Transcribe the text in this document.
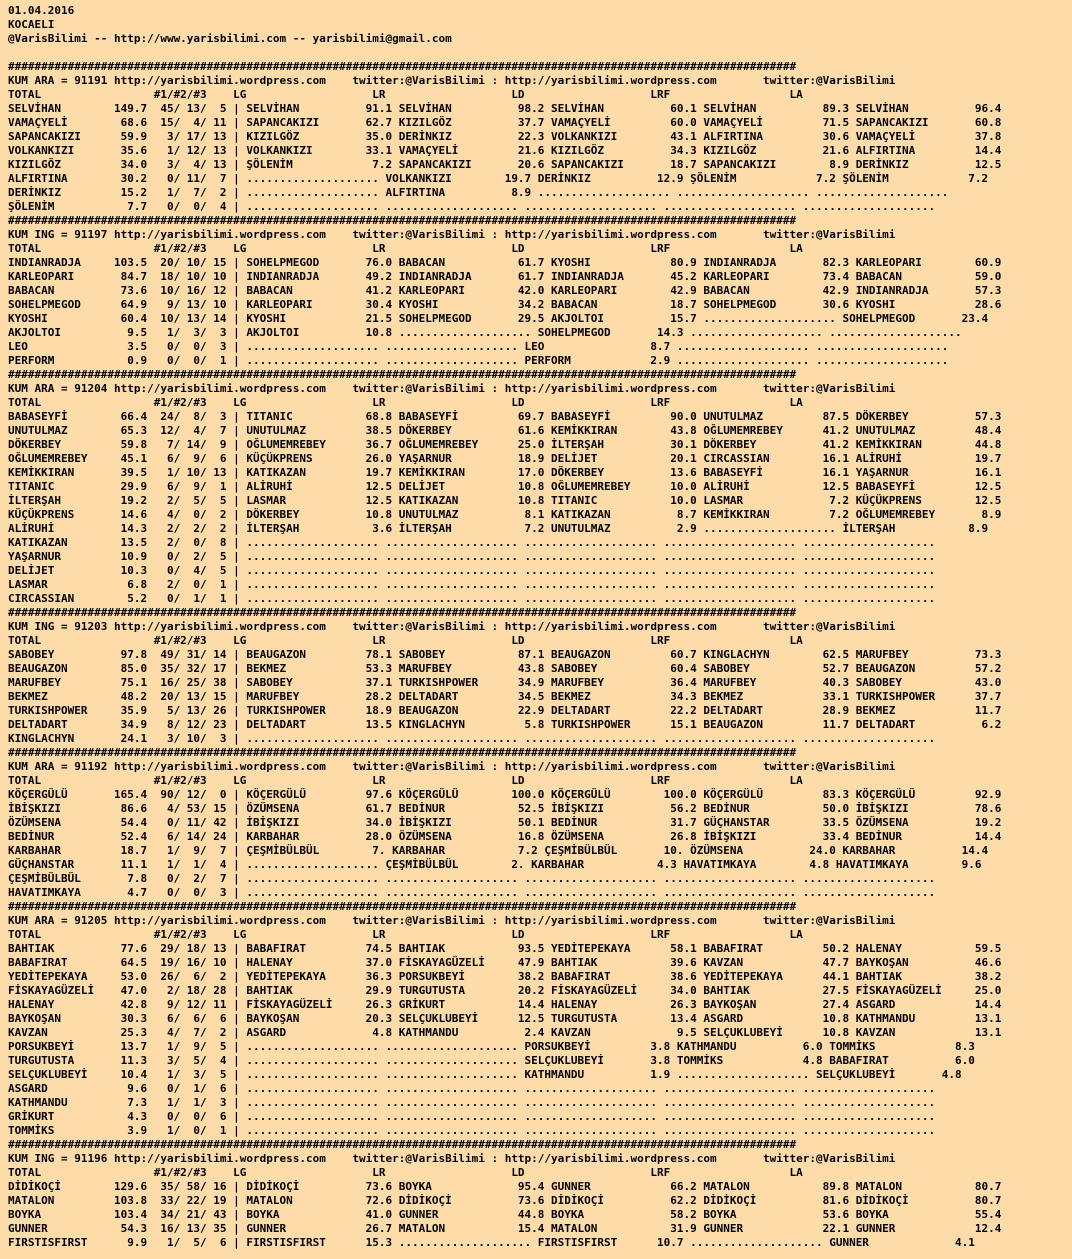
01.04.2016
KOCAELI
@VarisBilimi -- http://www.yarisbilimi.com -- yarisbilimi@gmail.com

#######################################################################################################################
KUM ARA = 91191 http://yarisbilimi.wordpress.com    twitter:@VarisBilimi : http://yarisbilimi.wordpress.com       twitter:@VarisBilimi
TOTAL                 #1/#2/#3    LG                   LR                   LD                   LRF                  LA
SELVİHAN        149.7  45/ 13/  5 | SELVİHAN          91.1 SELVİHAN          98.2 SELVİHAN          60.1 SELVİHAN          89.3 SELVİHAN          96.4
VAMAÇYELİ        68.6  15/  4/ 11 | SAPANCAKIZI       62.7 KIZILGÖZ          37.7 VAMAÇYELİ         60.0 VAMAÇYELİ         71.5 SAPANCAKIZI       60.8
SAPANCAKIZI      59.9   3/ 17/ 13 | KIZILGÖZ          35.0 DERİNKIZ          22.3 VOLKANKIZI        43.1 ALFIRTINA         30.6 VAMAÇYELİ         37.8
VOLKANKIZI       35.6   1/ 12/ 13 | VOLKANKIZI        33.1 VAMAÇYELİ         21.6 KIZILGÖZ          34.3 KIZILGÖZ          21.6 ALFIRTINA         14.4
KIZILGÖZ         34.0   3/  4/ 13 | ŞÖLENİM            7.2 SAPANCAKIZI       20.6 SAPANCAKIZI       18.7 SAPANCAKIZI        8.9 DERİNKIZ          12.5
ALFIRTINA        30.2   0/ 11/  7 | .................... VOLKANKIZI        19.7 DERİNKIZ          12.9 ŞÖLENİM            7.2 ŞÖLENİM            7.2
DERİNKIZ         15.2   1/  7/  2 | .................... ALFIRTINA          8.9 .................... .................... ....................
ŞÖLENİM           7.7   0/  0/  4 | .................... .................... .................... .................... ....................
#######################################################################################################################
KUM ING = 91197 http://yarisbilimi.wordpress.com    twitter:@VarisBilimi : http://yarisbilimi.wordpress.com       twitter:@VarisBilimi
TOTAL                 #1/#2/#3    LG                   LR                   LD                   LRF                  LA
INDIANRADJA     103.5  20/ 10/ 15 | SOHELPMEGOD       76.0 BABACAN           61.7 KYOSHI            80.9 INDIANRADJA       82.3 KARLEOPARI        60.9
KARLEOPARI       84.7  18/ 10/ 10 | INDIANRADJA       49.2 INDIANRADJA       61.7 INDIANRADJA       45.2 KARLEOPARI        73.4 BABACAN           59.0
BABACAN          73.6  10/ 16/ 12 | BABACAN           41.2 KARLEOPARI        42.0 KARLEOPARI        42.9 BABACAN           42.9 INDIANRADJA       57.3
SOHELPMEGOD      64.9   9/ 13/ 10 | KARLEOPARI        30.4 KYOSHI            34.2 BABACAN           18.7 SOHELPMEGOD       30.6 KYOSHI            28.6
KYOSHI           60.4  10/ 13/ 14 | KYOSHI            21.5 SOHELPMEGOD       29.5 AKJOLTOI          15.7 .................... SOHELPMEGOD       23.4
AKJOLTOI          9.5   1/  3/  3 | AKJOLTOI          10.8 .................... SOHELPMEGOD       14.3 .................... ....................
LEO               3.5   0/  0/  3 | .................... .................... LEO                8.7 .................... ....................
PERFORM           0.9   0/  0/  1 | .................... .................... PERFORM            2.9 .................... ....................
#######################################################################################################################
KUM ARA = 91204 http://yarisbilimi.wordpress.com    twitter:@VarisBilimi : http://yarisbilimi.wordpress.com       twitter:@VarisBilimi
TOTAL                 #1/#2/#3    LG                   LR                   LD                   LRF                  LA
BABASEYFİ        66.4  24/  8/  3 | TITANIC           68.8 BABASEYFİ         69.7 BABASEYFİ         90.0 UNUTULMAZ         87.5 DÖKERBEY          57.3
UNUTULMAZ        65.3  12/  4/  7 | UNUTULMAZ         38.5 DÖKERBEY          61.6 KEMİKKIRAN        43.8 OĞLUMEMREBEY      41.2 UNUTULMAZ         48.4
DÖKERBEY         59.8   7/ 14/  9 | OĞLUMEMREBEY      36.7 OĞLUMEMREBEY      25.0 İLTERŞAH          30.1 DÖKERBEY          41.2 KEMİKKIRAN        44.8
OĞLUMEMREBEY     45.1   6/  9/  6 | KÜÇÜKPRENS        26.0 YAŞARNUR          18.9 DELİJET           20.1 CIRCASSIAN        16.1 ALİRUHİ           19.7
KEMİKKIRAN       39.5   1/ 10/ 13 | KATIKAZAN         19.7 KEMİKKIRAN        17.0 DÖKERBEY          13.6 BABASEYFİ         16.1 YAŞARNUR          16.1
TITANIC          29.9   6/  9/  1 | ALİRUHİ           12.5 DELİJET           10.8 OĞLUMEMREBEY      10.0 ALİRUHİ           12.5 BABASEYFİ         12.5
İLTERŞAH         19.2   2/  5/  5 | LASMAR            12.5 KATIKAZAN         10.8 TITANIC           10.0 LASMAR             7.2 KÜÇÜKPRENS        12.5
KÜÇÜKPRENS       14.6   4/  0/  2 | DÖKERBEY          10.8 UNUTULMAZ          8.1 KATIKAZAN          8.7 KEMİKKIRAN         7.2 OĞLUMEMREBEY       8.9
ALİRUHİ          14.3   2/  2/  2 | İLTERŞAH           3.6 İLTERŞAH           7.2 UNUTULMAZ          2.9 .................... İLTERŞAH           8.9
KATIKAZAN        13.5   2/  0/  8 | .................... .................... .................... .................... ....................
YAŞARNUR         10.9   0/  2/  5 | .................... .................... .................... .................... ....................
DELİJET          10.3   0/  4/  5 | .................... .................... .................... .................... ....................
LASMAR            6.8   2/  0/  1 | .................... .................... .................... .................... ....................
CIRCASSIAN        5.2   0/  1/  1 | .................... .................... .................... .................... ....................
#######################################################################################################################
KUM ING = 91203 http://yarisbilimi.wordpress.com    twitter:@VarisBilimi : http://yarisbilimi.wordpress.com       twitter:@VarisBilimi
TOTAL                 #1/#2/#3    LG                   LR                   LD                   LRF                  LA
SABOBEY          97.8  49/ 31/ 14 | BEAUGAZON         78.1 SABOBEY           87.1 BEAUGAZON         60.7 KINGLACHYN        62.5 MARUFBEY          73.3
BEAUGAZON        85.0  35/ 32/ 17 | BEKMEZ            53.3 MARUFBEY          43.8 SABOBEY           60.4 SABOBEY           52.7 BEAUGAZON         57.2
MARUFBEY         75.1  16/ 25/ 38 | SABOBEY           37.1 TURKISHPOWER      34.9 MARUFBEY          36.4 MARUFBEY          40.3 SABOBEY           43.0
BEKMEZ           48.2  20/ 13/ 15 | MARUFBEY          28.2 DELTADART         34.5 BEKMEZ            34.3 BEKMEZ            33.1 TURKISHPOWER      37.7
TURKISHPOWER     35.9   5/ 13/ 26 | TURKISHPOWER      18.9 BEAUGAZON         22.9 DELTADART         22.2 DELTADART         28.9 BEKMEZ            11.7
DELTADART        34.9   8/ 12/ 23 | DELTADART         13.5 KINGLACHYN         5.8 TURKISHPOWER      15.1 BEAUGAZON         11.7 DELTADART          6.2
KINGLACHYN       24.1   3/ 10/  3 | .................... .................... .................... .................... ....................
#######################################################################################################################
KUM ARA = 91192 http://yarisbilimi.wordpress.com    twitter:@VarisBilimi : http://yarisbilimi.wordpress.com       twitter:@VarisBilimi
TOTAL                 #1/#2/#3    LG                   LR                   LD                   LRF                  LA
KÖÇERGÜLÜ       165.4  90/ 12/  0 | KÖÇERGÜLÜ         97.6 KÖÇERGÜLÜ        100.0 KÖÇERGÜLÜ        100.0 KÖÇERGÜLÜ         83.3 KÖÇERGÜLÜ         92.9
İBİŞKIZI         86.6   4/ 53/ 15 | ÖZÜMSENA          61.7 BEDİNUR           52.5 İBİŞKIZI          56.2 BEDİNUR           50.0 İBİŞKIZI          78.6
ÖZÜMSENA         54.4   0/ 11/ 42 | İBİŞKIZI          34.0 İBİŞKIZI          50.1 BEDİNUR           31.7 GÜÇHANSTAR        33.5 ÖZÜMSENA          19.2
BEDİNUR          52.4   6/ 14/ 24 | KARBAHAR          28.0 ÖZÜMSENA          16.8 ÖZÜMSENA          26.8 İBİŞKIZI          33.4 BEDİNUR           14.4
KARBAHAR         18.7   1/  9/  7 | ÇEŞMİBÜLBÜL        7. KARBAHAR           7.2 ÇEŞMİBÜLBÜL       10. ÖZÜMSENA          24.0 KARBAHAR          14.4
GÜÇHANSTAR       11.1   1/  1/  4 | .................... ÇEŞMİBÜLBÜL        2. KARBAHAR           4.3 HAVATIMKAYA        4.8 HAVATIMKAYA        9.6
ÇEŞMİBÜLBÜL       7.8   0/  2/  7 | .................... .................... .................... .................... ....................
HAVATIMKAYA       4.7   0/  0/  3 | .................... .................... .................... .................... ....................
#######################################################################################################################
KUM ARA = 91205 http://yarisbilimi.wordpress.com    twitter:@VarisBilimi : http://yarisbilimi.wordpress.com       twitter:@VarisBilimi
TOTAL                 #1/#2/#3    LG                   LR                   LD                   LRF                  LA
BAHTIAK          77.6  29/ 18/ 13 | BABAFIRAT         74.5 BAHTIAK           93.5 YEDİTEPEKAYA      58.1 BABAFIRAT         50.2 HALENAY           59.5
BABAFIRAT        64.5  19/ 16/ 10 | HALENAY           37.0 FİSKAYAGÜZELİ     47.9 BAHTIAK           39.6 KAVZAN            47.7 BAYKOŞAN          46.6
YEDİTEPEKAYA     53.0  26/  6/  2 | YEDİTEPEKAYA      36.3 PORSUKBEYİ        38.2 BABAFIRAT         38.6 YEDİTEPEKAYA      44.1 BAHTIAK           38.2
FİSKAYAGÜZELİ    47.0   2/ 18/ 28 | BAHTIAK           29.9 TURGUTUSTA        20.2 FİSKAYAGÜZELİ     34.0 BAHTIAK           27.5 FİSKAYAGÜZELİ     25.0
HALENAY          42.8   9/ 12/ 11 | FİSKAYAGÜZELİ     26.3 GRİKURT           14.4 HALENAY           26.3 BAYKOŞAN          27.4 ASGARD            14.4
BAYKOŞAN         30.3   6/  6/  6 | BAYKOŞAN          20.3 SELÇUKLUBEYİ      12.5 TURGUTUSTA        13.4 ASGARD            10.8 KATHMANDU         13.1
KAVZAN           25.3   4/  7/  2 | ASGARD             4.8 KATHMANDU          2.4 KAVZAN             9.5 SELÇUKLUBEYİ      10.8 KAVZAN            13.1
PORSUKBEYİ       13.7   1/  9/  5 | .................... .................... PORSUKBEYİ         3.8 KATHMANDU          6.0 TOMMİKS            8.3
TURGUTUSTA       11.3   3/  5/  4 | .................... .................... SELÇUKLUBEYİ       3.8 TOMMİKS            4.8 BABAFIRAT          6.0
SELÇUKLUBEYİ     10.4   1/  3/  5 | .................... .................... KATHMANDU          1.9 .................... SELÇUKLUBEYİ       4.8
ASGARD            9.6   0/  1/  6 | .................... .................... .................... .................... ....................
KATHMANDU         7.3   1/  1/  3 | .................... .................... .................... .................... ....................
GRİKURT           4.3   0/  0/  6 | .................... .................... .................... .................... ....................
TOMMİKS           3.9   1/  0/  1 | .................... .................... .................... .................... ....................
#######################################################################################################################
KUM ING = 91196 http://yarisbilimi.wordpress.com    twitter:@VarisBilimi : http://yarisbilimi.wordpress.com       twitter:@VarisBilimi
TOTAL                 #1/#2/#3    LG                   LR                   LD                   LRF                  LA
DİDİKOÇİ        129.6  35/ 58/ 16 | DİDİKOÇİ          73.6 BOYKA             95.4 GUNNER            66.2 MATALON           89.8 MATALON           80.7
MATALON         103.8  33/ 22/ 19 | MATALON           72.6 DİDİKOÇİ          73.6 DİDİKOÇİ          62.2 DİDİKOÇİ          81.6 DİDİKOÇİ          80.7
BOYKA           103.4  34/ 21/ 43 | BOYKA             41.0 GUNNER            44.8 BOYKA             58.2 BOYKA             53.6 BOYKA             55.4
GUNNER           54.3  16/ 13/ 35 | GUNNER            26.7 MATALON           15.4 MATALON           31.9 GUNNER            22.1 GUNNER            12.4
FIRSTISFIRST      9.9   1/  5/  6 | FIRSTISFIRST      15.3 .................... FIRSTISFIRST      10.7 .................... GUNNER             4.1
